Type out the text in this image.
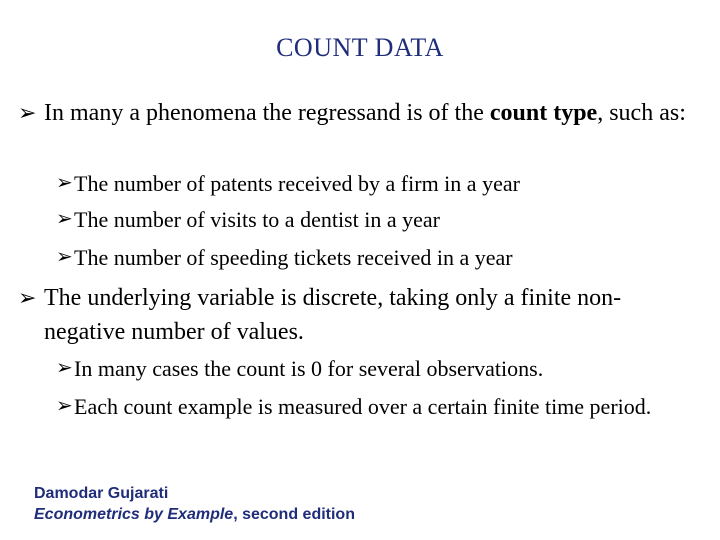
COUNT DATA
➢ In many a phenomena the regressand is of the count type, such as:
➢ The number of patents received by a firm in a year
➢ The number of visits to a dentist in a year
➢ The number of speeding tickets received in a year
➢ The underlying variable is discrete, taking only a finite non-negative number of values.
➢ In many cases the count is 0 for several observations.
➢ Each count example is measured over a certain finite time period.
Damodar Gujarati
Econometrics by Example, second edition
